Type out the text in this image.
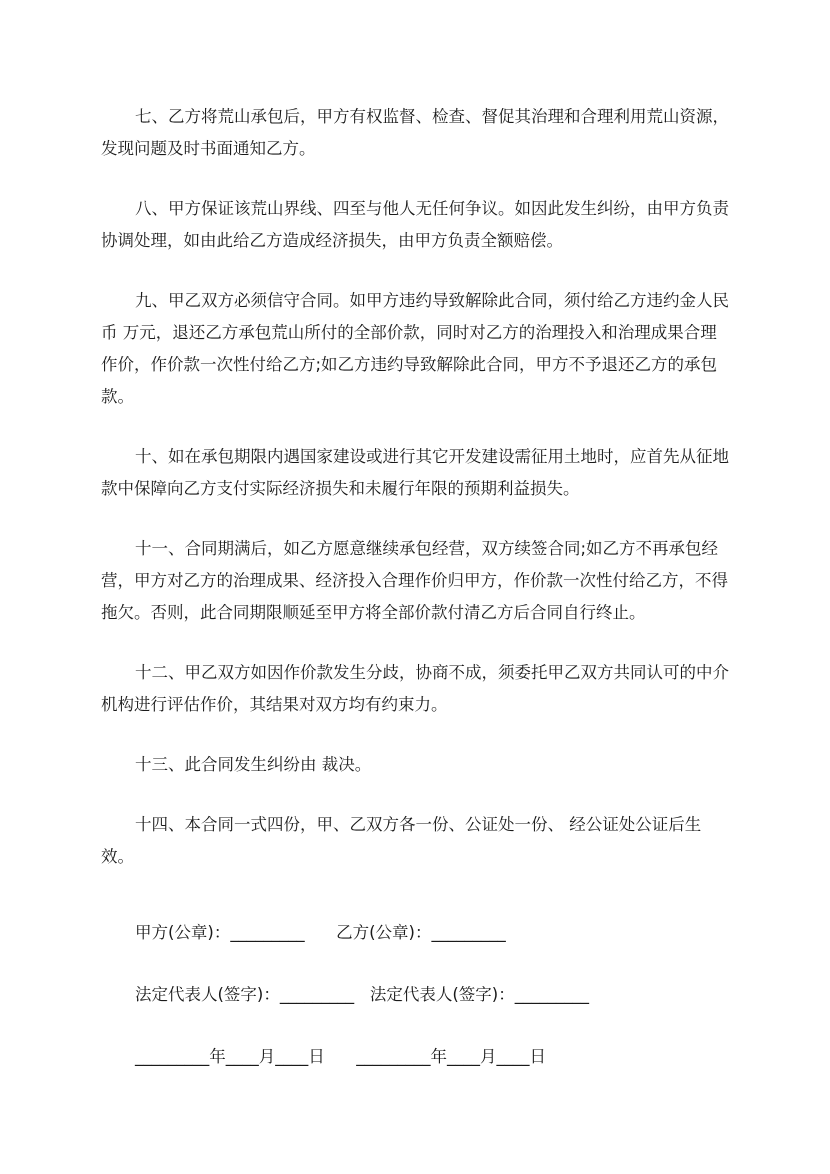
七、乙方将荒山承包后，甲方有权监督、检查、督促其治理和合理利用荒山资源，发现问题及时书面通知乙方。

八、甲方保证该荒山界线、四至与他人无任何争议。如因此发生纠纷，由甲方负责协调处理，如由此给乙方造成经济损失，由甲方负责全额赔偿。

九、甲乙双方必须信守合同。如甲方违约导致解除此合同，须付给乙方违约金人民币 万元，退还乙方承包荒山所付的全部价款，同时对乙方的治理投入和治理成果合理作价，作价款一次性付给乙方;如乙方违约导致解除此合同，甲方不予退还乙方的承包款。

十、如在承包期限内遇国家建设或进行其它开发建设需征用土地时，应首先从征地款中保障向乙方支付实际经济损失和未履行年限的预期利益损失。

十一、合同期满后，如乙方愿意继续承包经营，双方续签合同;如乙方不再承包经营，甲方对乙方的治理成果、经济投入合理作价归甲方，作价款一次性付给乙方，不得拖欠。否则，此合同期限顺延至甲方将全部价款付清乙方后合同自行终止。

十二、甲乙双方如因作价款发生分歧，协商不成，须委托甲乙双方共同认可的中介机构进行评估作价，其结果对双方均有约束力。

十三、此合同发生纠纷由 裁决。

十四、本合同一式四份，甲、乙双方各一份、公证处一份、 经公证处公证后生效。

甲方(公章)：_________      乙方(公章)：_________
法定代表人(签字)：_________   法定代表人(签字)：_________
_________年____月____日      _________年____月____日
